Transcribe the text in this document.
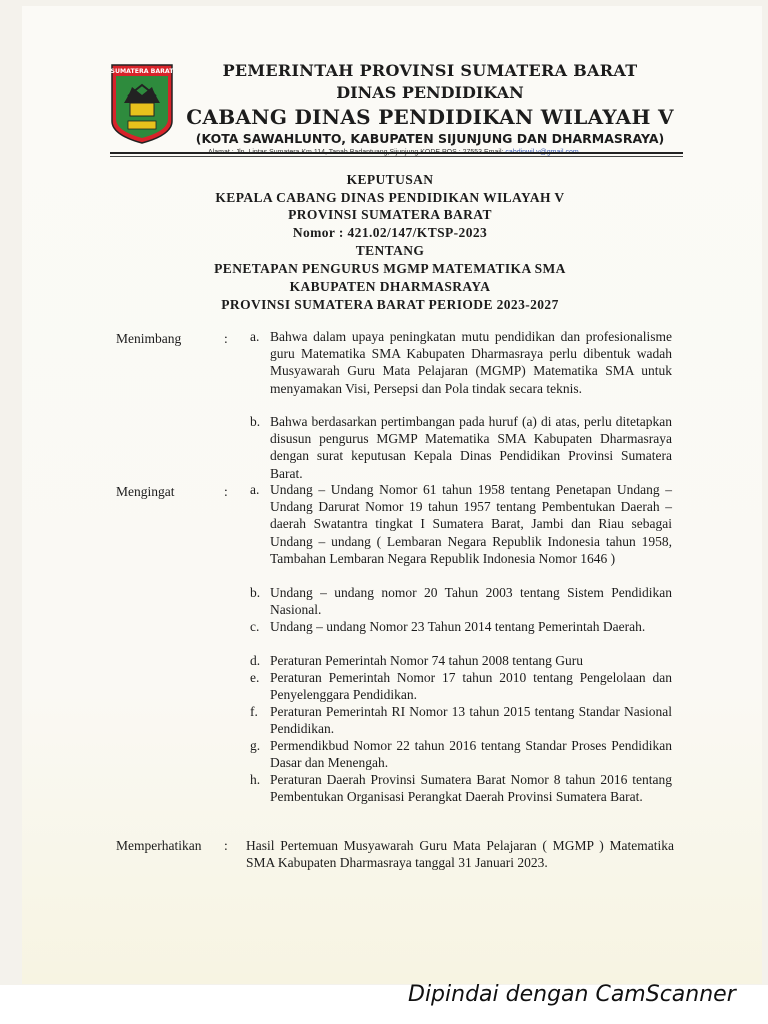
SUMATERA BARAT	PEMERINTAH PROVINSI SUMATERA BARAT
DINAS PENDIDIKAN
CABANG DINAS PENDIDIKAN WILAYAH V
(KOTA SAWAHLUNTO, KABUPATEN SIJUNJUNG DAN DHARMASRAYA)
KEPUTUSAN
KEPALA CABANG DINAS PENDIDIKAN WILAYAH V
PROVINSI SUMATERA BARAT
Nomor : 421.02/147/KTSP-2023
TENTANG
PENETAPAN PENGURUS MGMP MATEMATIKA SMA
KABUPATEN DHARMASRAYA
PROVINSI SUMATERA BARAT PERIODE 2023-2027
Menimbang	: a. Bahwa dalam upaya peningkatan mutu pendidikan dan profesionalisme guru Matematika SMA Kabupaten Dharmasraya perlu dibentuk wadah Musyawarah Guru Mata Pelajaran (MGMP) Matematika SMA untuk menyamakan Visi, Persepsi dan Pola tindak secara teknis.
b. Bahwa berdasarkan pertimbangan pada huruf (a) di atas, perlu ditetapkan disusun pengurus MGMP Matematika SMA Kabupaten Dharmasraya dengan surat keputusan Kepala Dinas Pendidikan Provinsi Sumatera Barat.
Mengingat	: a. Undang – Undang Nomor 61 tahun 1958 tentang Penetapan Undang – Undang Darurat Nomor 19 tahun 1957 tentang Pembentukan Daerah – daerah Swatantra tingkat I Sumatera Barat, Jambi dan Riau sebagai Undang – undang ( Lembaran Negara Republik Indonesia tahun 1958, Tambahan Lembaran Negara Republik Indonesia Nomor 1646 )
b. Undang – undang nomor 20 Tahun 2003 tentang Sistem Pendidikan Nasional.
c. Undang – undang Nomor 23 Tahun 2014 tentang Pemerintah Daerah.
d. Peraturan Pemerintah Nomor 74 tahun 2008 tentang Guru
e. Peraturan Pemerintah Nomor 17 tahun 2010 tentang Pengelolaan dan Penyelenggara Pendidikan.
f. Peraturan Pemerintah RI Nomor 13 tahun 2015 tentang Standar Nasional Pendidikan.
g. Permendikbud Nomor 22 tahun 2016 tentang Standar Proses Pendidikan Dasar dan Menengah.
h. Peraturan Daerah Provinsi Sumatera Barat Nomor 8 tahun 2016 tentang Pembentukan Organisasi Perangkat Daerah Provinsi Sumatera Barat.
Memperhatikan : Hasil Pertemuan Musyawarah Guru Mata Pelajaran ( MGMP ) Matematika SMA Kabupaten Dharmasraya tanggal 31 Januari 2023.
Dipindai dengan CamScanner
